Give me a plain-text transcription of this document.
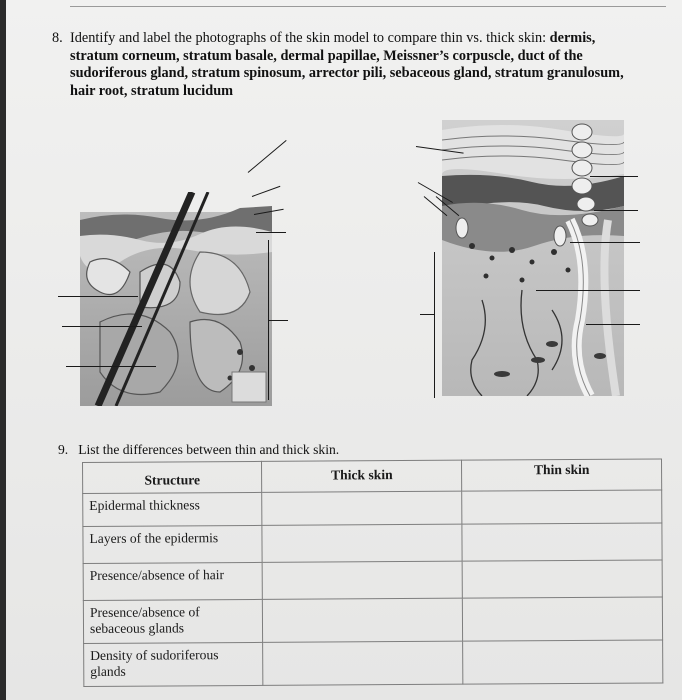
8. Identify and label the photographs of the skin model to compare thin vs. thick skin: dermis, stratum corneum, stratum basale, dermal papillae, Meissner’s corpuscle, duct of the sudoriferous gland, stratum spinosum, arrector pili, sebaceous gland, stratum granulosum, hair root, stratum lucidum
9. List the differences between thin and thick skin.
Structure	Thick skin	Thin skin
Epidermal thickness		
Layers of the epidermis		
Presence/absence of hair		
Presence/absence of sebaceous glands		
Density of sudoriferous glands		
